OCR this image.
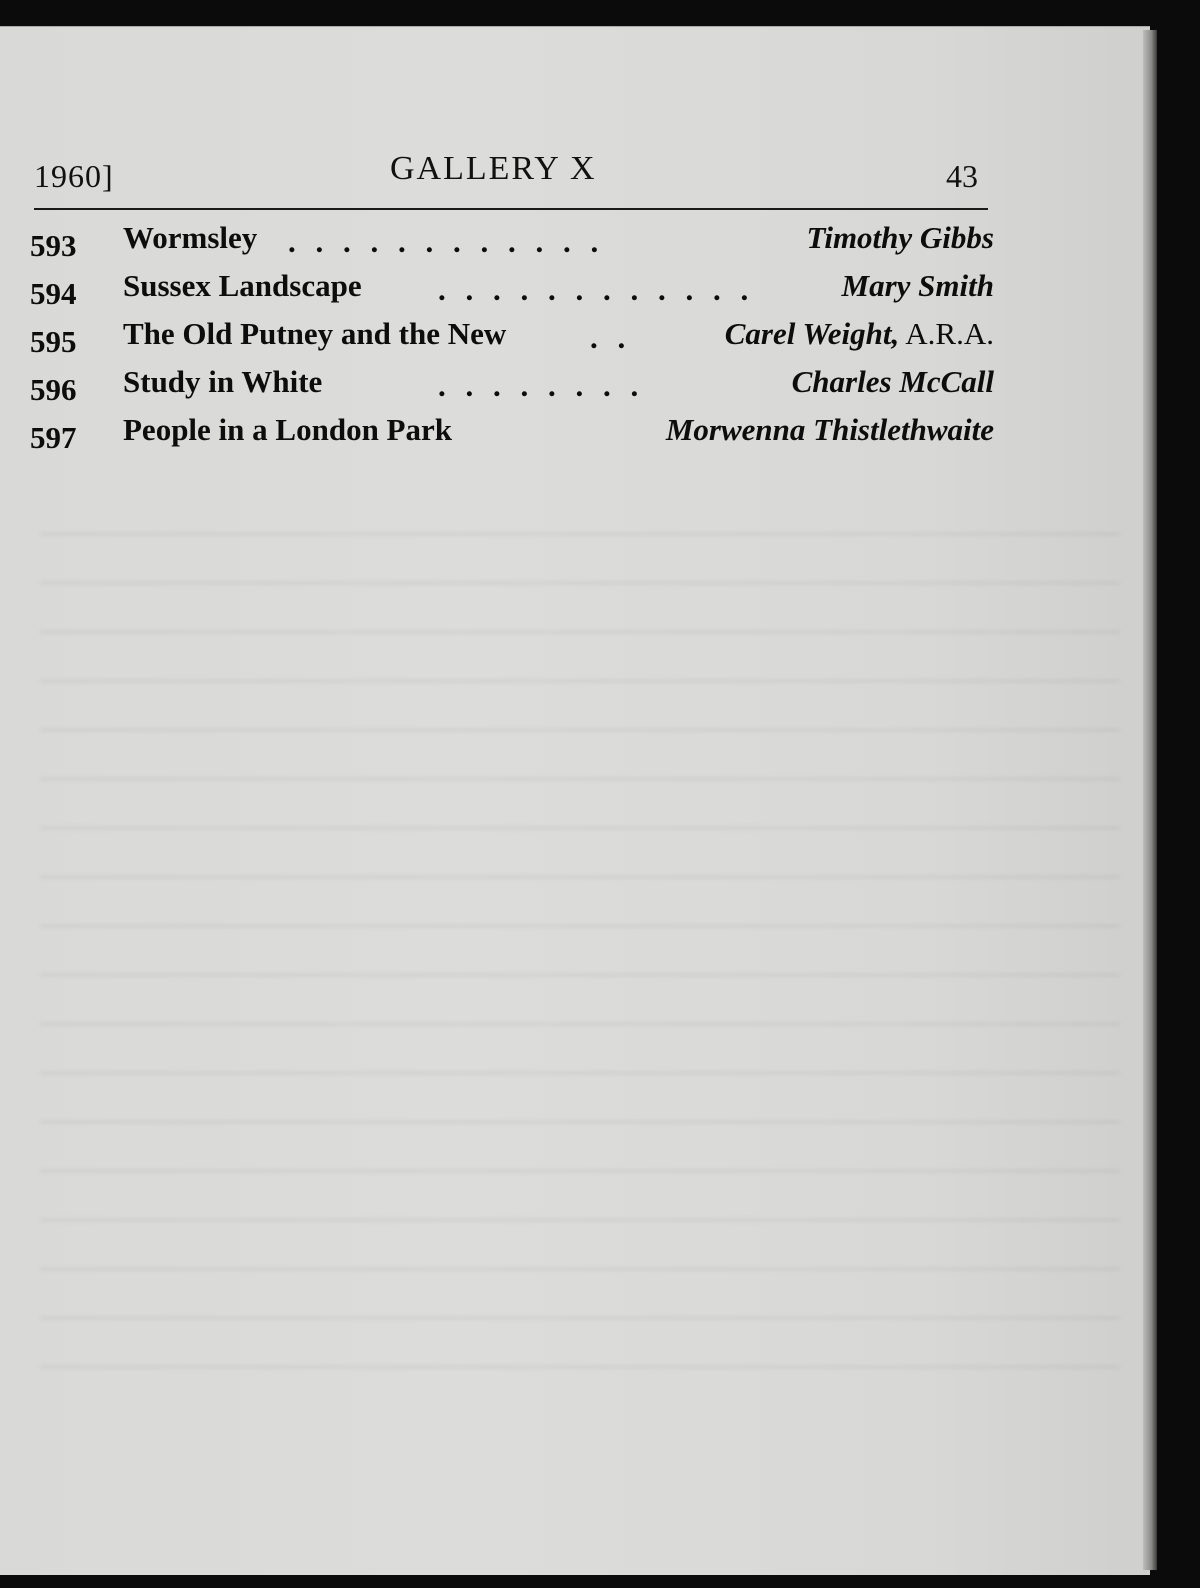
1960]	GALLERY X	43
593 Wormsley . . . . . . . . . . . .	Timothy Gibbs
594 Sussex Landscape . . . . . . . . . . . .	Mary Smith
595 The Old Putney and the New	. .	Carel Weight, A.R.A.
596 Study in White	. . . . . . . .	Charles McCall
597 People in a London Park	Morwenna Thistlethwaite
